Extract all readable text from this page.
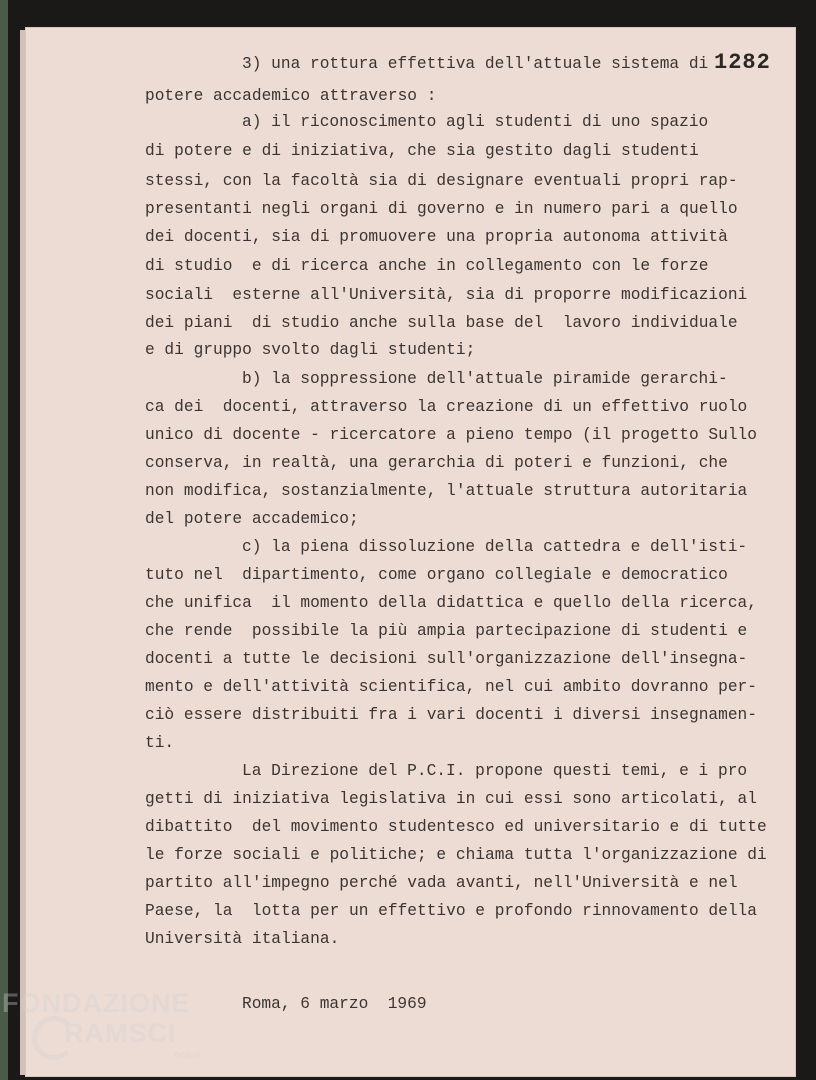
1282
3) una rottura effettiva dell'attuale sistema di
potere accademico attraverso :
a) il riconoscimento agli studenti di uno spazio
di potere e di iniziativa, che sia gestito dagli studenti
stessi, con la facoltà sia di designare eventuali propri rap-
presentanti negli organi di governo e in numero pari a quello
dei docenti, sia di promuovere una propria autonoma attività
di studio  e di ricerca anche in collegamento con le forze
sociali  esterne all'Università, sia di proporre modificazioni
dei piani  di studio anche sulla base del  lavoro individuale
e di gruppo svolto dagli studenti;
b) la soppressione dell'attuale piramide gerarchi-
ca dei  docenti, attraverso la creazione di un effettivo ruolo
unico di docente - ricercatore a pieno tempo (il progetto Sullo
conserva, in realtà, una gerarchia di poteri e funzioni, che
non modifica, sostanzialmente, l'attuale struttura autoritaria
del potere accademico;
c) la piena dissoluzione della cattedra e dell'isti-
tuto nel  dipartimento, come organo collegiale e democratico
che unifica  il momento della didattica e quello della ricerca,
che rende  possibile la più ampia partecipazione di studenti e
docenti a tutte le decisioni sull'organizzazione dell'insegna-
mento e dell'attività scientifica, nel cui ambito dovranno per-
ciò essere distribuiti fra i vari docenti i diversi insegnamen-
ti.
La Direzione del P.C.I. propone questi temi, e i pro
getti di iniziativa legislativa in cui essi sono articolati, al
dibattito  del movimento studentesco ed universitario e di tutte
le forze sociali e politiche; e chiama tutta l'organizzazione di
partito all'impegno perché vada avanti, nell'Università e nel
Paese, la  lotta per un effettivo e profondo rinnovamento della
Università italiana.
Roma, 6 marzo  1969
FONDAZIONE
RAMSCI
onlus
